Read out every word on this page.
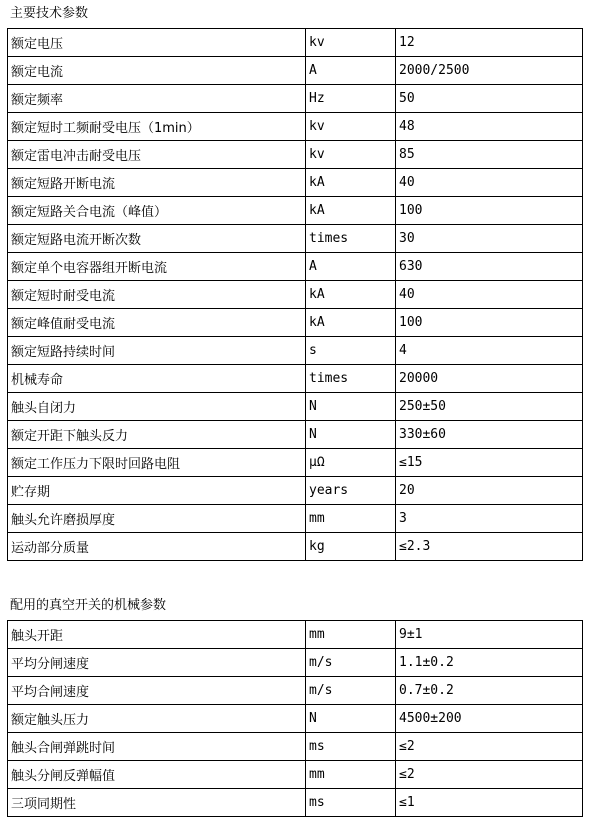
主要技术参数
额定电压	kv	12
额定电流	A	2000/2500
额定频率	Hz	50
额定短时工频耐受电压（1min）	kv	48
额定雷电冲击耐受电压	kv	85
额定短路开断电流	kA	40
额定短路关合电流（峰值）	kA	100
额定短路电流开断次数	times	30
额定单个电容器组开断电流	A	630
额定短时耐受电流	kA	40
额定峰值耐受电流	kA	100
额定短路持续时间	s	4
机械寿命	times	20000
触头自闭力	N	250±50
额定开距下触头反力	N	330±60
额定工作压力下限时回路电阻	μΩ	≤15
贮存期	years	20
触头允许磨损厚度	mm	3
运动部分质量	kg	≤2.3
配用的真空开关的机械参数
触头开距	mm	9±1
平均分闸速度	m/s	1.1±0.2
平均合闸速度	m/s	0.7±0.2
额定触头压力	N	4500±200
触头合闸弹跳时间	ms	≤2
触头分闸反弹幅值	mm	≤2
三项同期性	ms	≤1
